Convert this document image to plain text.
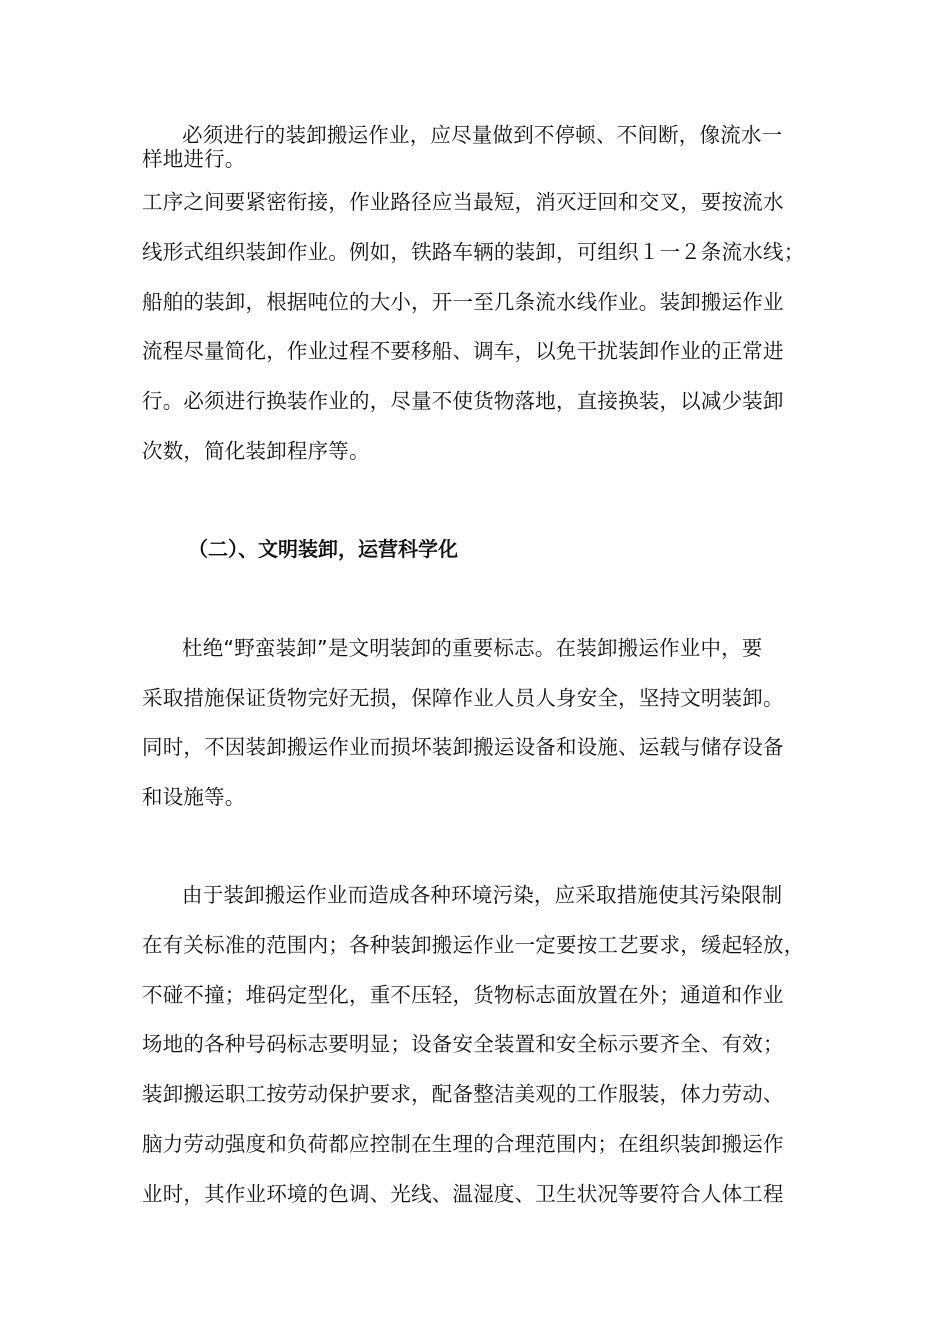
必须进行的装卸搬运作业，应尽量做到不停顿、不间断，像流水一
样地进行。
工序之间要紧密衔接，作业路径应当最短，消灭迂回和交叉，要按流水
线形式组织装卸作业。例如，铁路车辆的装卸，可组织１一２条流水线；
船舶的装卸，根据吨位的大小，开一至几条流水线作业。装卸搬运作业
流程尽量简化，作业过程不要移船、调车，以免干扰装卸作业的正常进
行。必须进行换装作业的，尽量不使货物落地，直接换装，以减少装卸
次数，简化装卸程序等。
（二）、文明装卸，运营科学化
杜绝“野蛮装卸”是文明装卸的重要标志。在装卸搬运作业中，要
采取措施保证货物完好无损，保障作业人员人身安全，坚持文明装卸。
同时，不因装卸搬运作业而损坏装卸搬运设备和设施、运载与储存设备
和设施等。
由于装卸搬运作业而造成各种环境污染，应采取措施使其污染限制
在有关标准的范围内；各种装卸搬运作业一定要按工艺要求，缓起轻放，
不碰不撞；堆码定型化，重不压轻，货物标志面放置在外；通道和作业
场地的各种号码标志要明显；设备安全装置和安全标示要齐全、有效；
装卸搬运职工按劳动保护要求，配备整洁美观的工作服装，体力劳动、
脑力劳动强度和负荷都应控制在生理的合理范围内；在组织装卸搬运作
业时，其作业环境的色调、光线、温湿度、卫生状况等要符合人体工程
